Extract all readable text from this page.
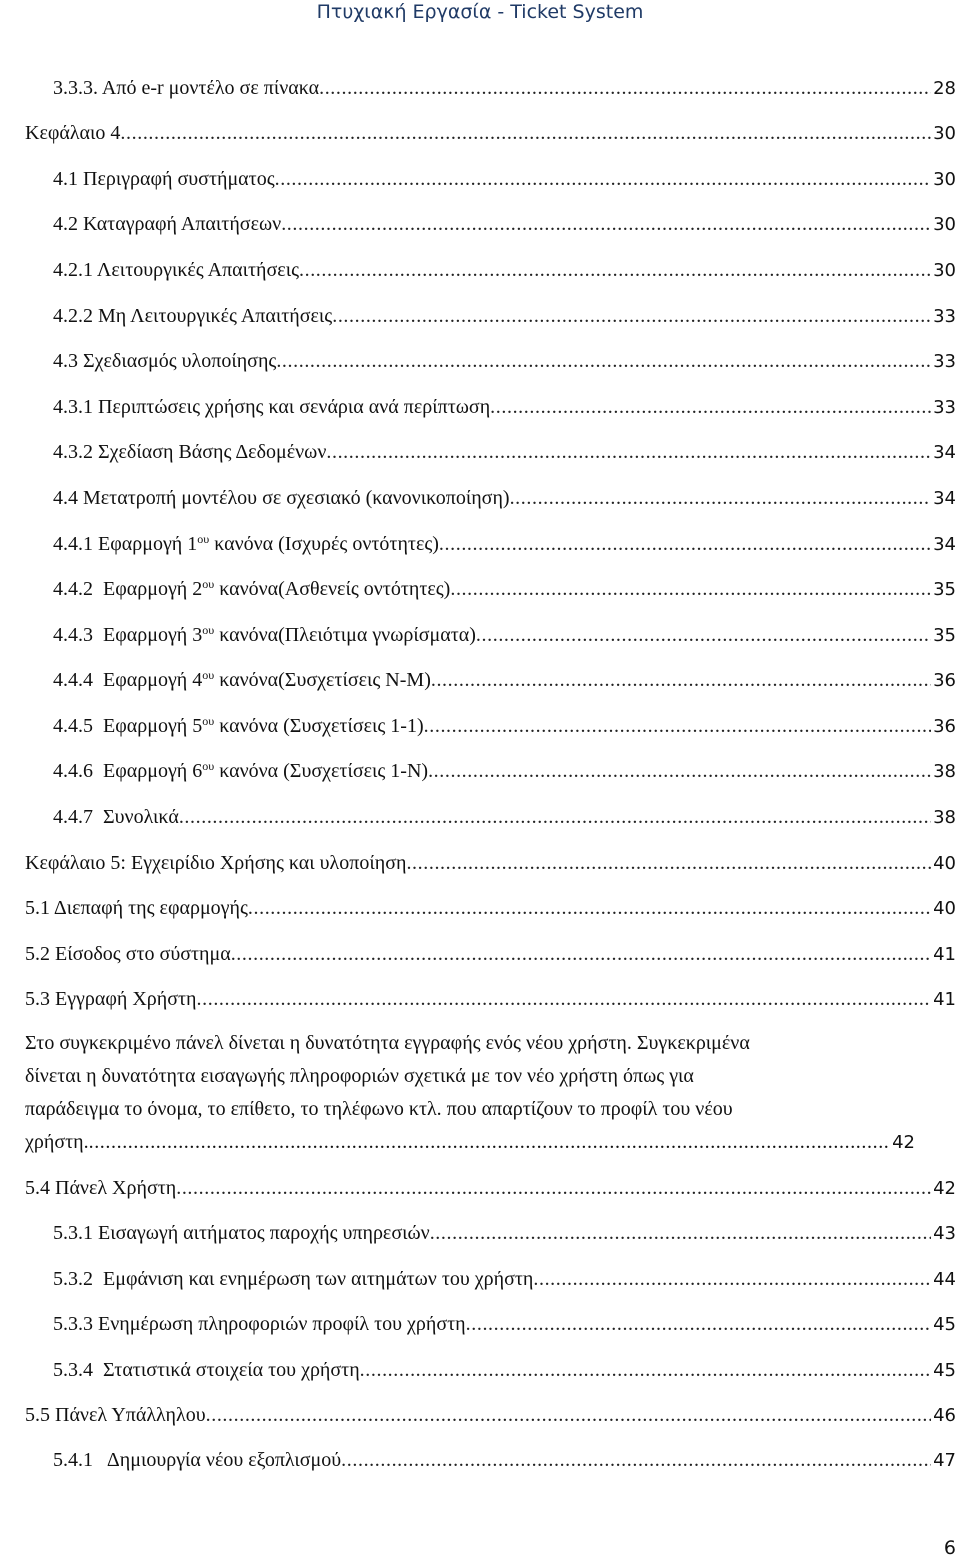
Πτυχιακή Εργασία - Ticket System
3.3.3. Από e-r μοντέλο σε πίνακα . . .	28
Κεφάλαιο 4 . . .	30
4.1 Περιγραφή συστήματος . . .	30
4.2 Καταγραφή Απαιτήσεων . . .	30
4.2.1 Λειτουργικές Απαιτήσεις . . .	30
4.2.2 Μη Λειτουργικές Απαιτήσεις . . .	33
4.3 Σχεδιασμός υλοποίησης . . .	33
4.3.1 Περιπτώσεις χρήσης και σενάρια ανά περίπτωση . . .	33
4.3.2 Σχεδίαση Βάσης Δεδομένων . . .	34
4.4 Μετατροπή μοντέλου σε σχεσιακό (κανονικοποίηση) . . .	34
4.4.1 Εφαρμογή $1^{o\upsilon}$ κανόνα (Ισχυρές οντότητες) . . .	34
4.4.2 Εφαρμογή $2^{o\upsilon}$ κανόνα(Ασθενείς οντότητες) . . .	35
4.4.3 Εφαρμογή $3^{o\upsilon}$ κανόνα(Πλειότιμα γνωρίσματα) . . .	35
4.4.4 Εφαρμογή $4^{o\upsilon}$ κανόνα(Συσχετίσεις Ν-Μ) . . .	36
4.4.5 Εφαρμογή $5^{o\upsilon}$ κανόνα (Συσχετίσεις 1-1) . . .	36
4.4.6 Εφαρμογή $6^{o\upsilon}$ κανόνα (Συσχετίσεις 1-Ν) . . .	38
4.4.7 Συνολικά . . .	38
Κεφάλαιο 5: Εγχειρίδιο Χρήσης και υλοποίηση . . .	40
5.1 Διεπαφή της εφαρμογής . . .	40
5.2 Είσοδος στο σύστημα . . .	41
5.3 Εγγραφή Χρήστη . . .	41
Στο συγκεκριμένο πάνελ δίνεται η δυνατότητα εγγραφής ενός νέου χρήστη. Συγκεκριμένα
δίνεται η δυνατότητα εισαγωγής πληροφοριών σχετικά με τον νέο χρήστη όπως για
παράδειγμα το όνομα, το επίθετο, το τηλέφωνο κτλ. που απαρτίζουν το προφίλ του νέου
χρήστη. . . .	42
5.4 Πάνελ Χρήστη . . .	42
5.3.1 Εισαγωγή αιτήματος παροχής υπηρεσιών . . .	43
5.3.2 Εμφάνιση και ενημέρωση των αιτημάτων του χρήστη . . .	44
5.3.3 Ενημέρωση πληροφοριών προφίλ του χρήστη . . .	45
5.3.4 Στατιστικά στοιχεία του χρήστη . . .	45
5.5 Πάνελ Υπάλληλου . . .	46
5.4.1 Δημιουργία νέου εξοπλισμού . . .	47
6
